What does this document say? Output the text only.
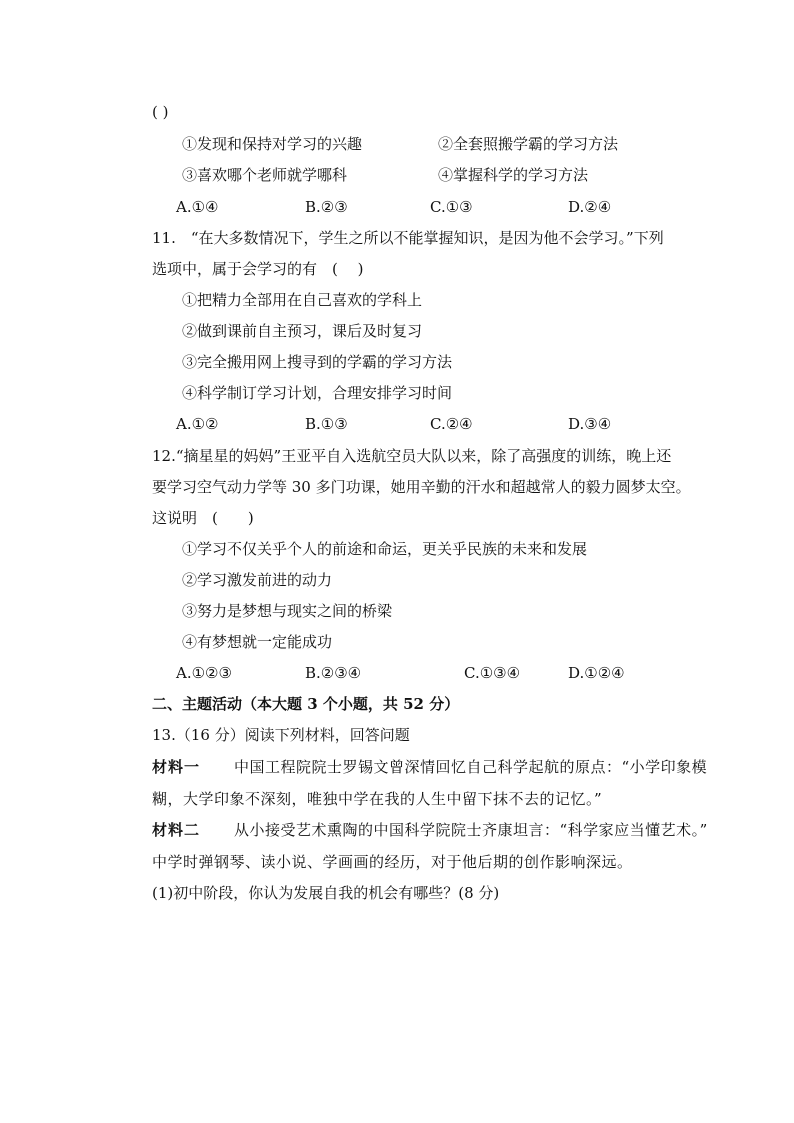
( )
①发现和保持对学习的兴趣	②全套照搬学霸的学习方法
③喜欢哪个老师就学哪科	④掌握科学的学习方法
A.①④	B.②③	C.①③	D.②④
11.　“在大多数情况下，学生之所以不能掌握知识，是因为他不会学习。”下列
选项中，属于会学习的有　(　 )
①把精力全部用在自己喜欢的学科上
②做到课前自主预习，课后及时复习
③完全搬用网上搜寻到的学霸的学习方法
④科学制订学习计划，合理安排学习时间
A.①②	B.①③	C.②④	D.③④
12.“摘星星的妈妈”王亚平自入选航空员大队以来，除了高强度的训练，晚上还
要学习空气动力学等 30 多门功课，她用辛勤的汗水和超越常人的毅力圆梦太空。
这说明　(　　)
①学习不仅关乎个人的前途和命运，更关乎民族的未来和发展
②学习激发前进的动力
③努力是梦想与现实之间的桥梁
④有梦想就一定能成功
A.①②③	B.②③④	C.①③④	D.①②④
二、主题活动（本大题 3 个小题，共 52 分）
13.（16 分）阅读下列材料，回答问题
材料一 中国工程院院士罗锡文曾深情回忆自己科学起航的原点：“小学印象模
糊，大学印象不深刻，唯独中学在我的人生中留下抹不去的记忆。”
材料二 从小接受艺术熏陶的中国科学院院士齐康坦言：“科学家应当懂艺术。”
中学时弹钢琴、读小说、学画画的经历，对于他后期的创作影响深远。
(1)初中阶段，你认为发展自我的机会有哪些？(8 分)
